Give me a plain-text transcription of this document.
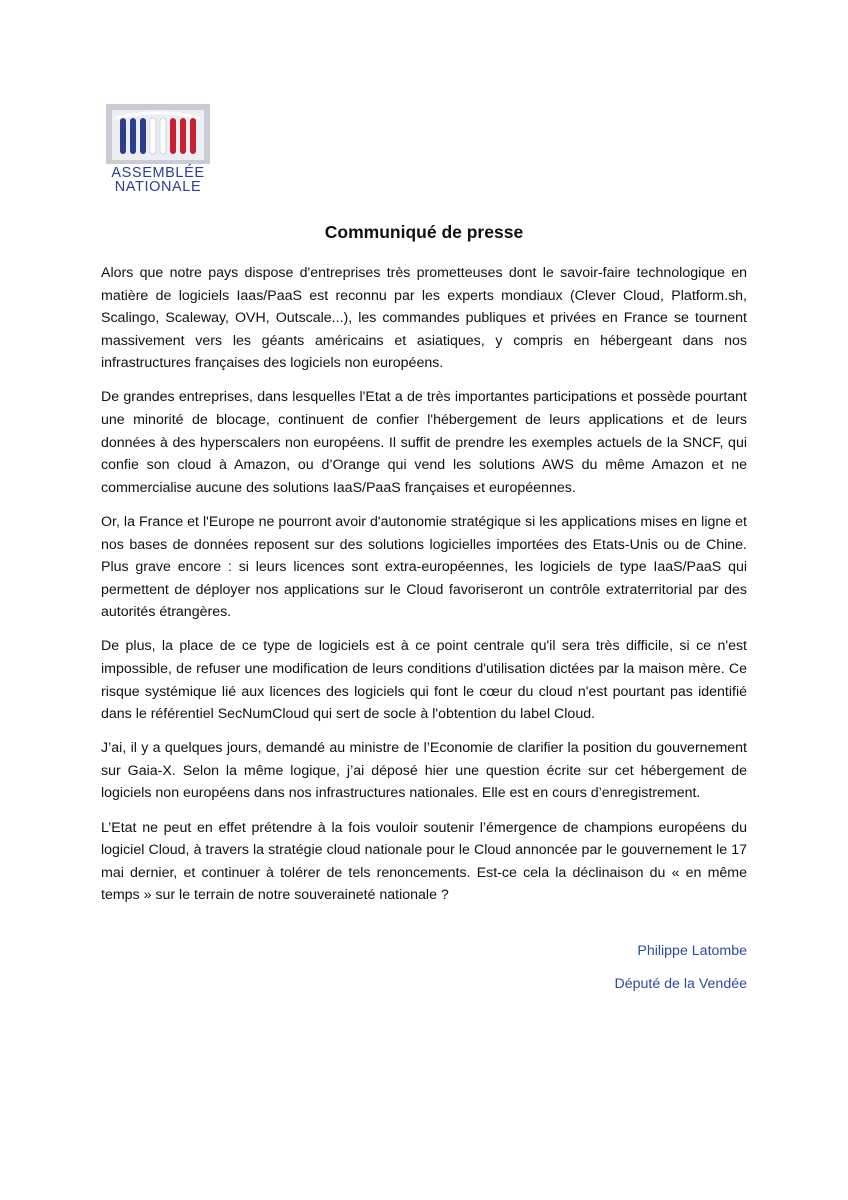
ASSEMBLÉE
NATIONALE
Communiqué de presse

Alors que notre pays dispose d'entreprises très prometteuses dont le savoir-faire technologique en matière de logiciels Iaas/PaaS est reconnu par les experts mondiaux (Clever Cloud, Platform.sh, Scalingo, Scaleway, OVH, Outscale...), les commandes publiques et privées en France se tournent massivement vers les géants américains et asiatiques, y compris en hébergeant dans nos infrastructures françaises des logiciels non européens.

De grandes entreprises, dans lesquelles l'Etat a de très importantes participations et possède pourtant une minorité de blocage, continuent de confier l'hébergement de leurs applications et de leurs données à des hyperscalers non européens. Il suffit de prendre les exemples actuels de la SNCF, qui confie son cloud à Amazon, ou d’Orange qui vend les solutions AWS du même Amazon et ne commercialise aucune des solutions IaaS/PaaS françaises et européennes.

Or, la France et l'Europe ne pourront avoir d'autonomie stratégique si les applications mises en ligne et nos bases de données reposent sur des solutions logicielles importées des Etats-Unis ou de Chine. Plus grave encore : si leurs licences sont extra-européennes, les logiciels de type IaaS/PaaS qui permettent de déployer nos applications sur le Cloud favoriseront un contrôle extraterritorial par des autorités étrangères.

De plus, la place de ce type de logiciels est à ce point centrale qu'il sera très difficile, si ce n'est impossible, de refuser une modification de leurs conditions d'utilisation dictées par la maison mère. Ce risque systémique lié aux licences des logiciels qui font le cœur du cloud n'est pourtant pas identifié dans le référentiel SecNumCloud qui sert de socle à l'obtention du label Cloud.

J’ai, il y a quelques jours, demandé au ministre de l’Economie de clarifier la position du gouvernement sur Gaia-X. Selon la même logique, j’ai déposé hier une question écrite sur cet hébergement de logiciels non européens dans nos infrastructures nationales. Elle est en cours d’enregistrement.

L’Etat ne peut en effet prétendre à la fois vouloir soutenir l’émergence de champions européens du logiciel Cloud, à travers la stratégie cloud nationale pour le Cloud annoncée par le gouvernement le 17 mai dernier, et continuer à tolérer de tels renoncements. Est-ce cela la déclinaison du « en même temps » sur le terrain de notre souveraineté nationale ?

Philippe Latombe

Député de la Vendée
